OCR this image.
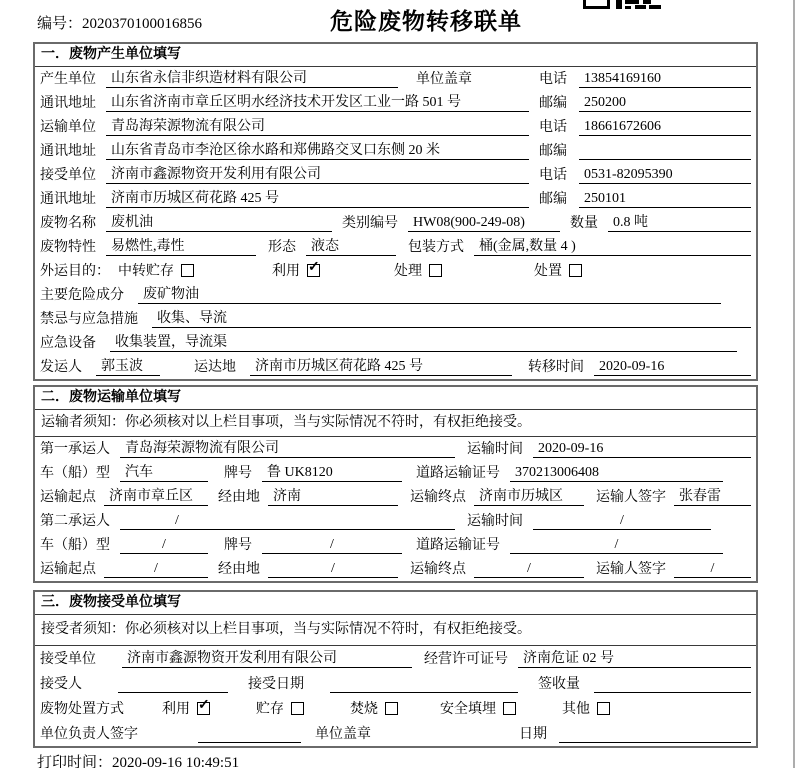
编号：2020370100016856	危险废物转移联单
一．废物产生单位填写
产生单位	山东省永信非织造材料有限公司	单位盖章	电话	13854169160
通讯地址	山东省济南市章丘区明水经济技术开发区工业一路 501 号	邮编	250200
运输单位	青岛海荣源物流有限公司	电话	18661672606
通讯地址	山东省青岛市李沧区徐水路和郑佛路交叉口东侧 20 米	邮编
接受单位	济南市鑫源物资开发利用有限公司	电话	0531-82095390
通讯地址	济南市历城区荷花路 425 号	邮编	250101
废物名称	废机油	类别编号	HW08(900-249-08)	数量	0.8 吨
废物特性	易燃性,毒性	形态	液态	包装方式	桶(金属,数量 4 )
外运目的： 中转贮存	利用 ✓	处理	处置
主要危险成分	废矿物油
禁忌与应急措施	收集、导流
应急设备	收集装置，导流渠
发运人	郭玉波	运达地	济南市历城区荷花路 425 号	转移时间	2020-09-16
二．废物运输单位填写
运输者须知：你必须核对以上栏目事项，当与实际情况不符时，有权拒绝接受。
第一承运人	青岛海荣源物流有限公司	运输时间	2020-09-16
车（船）型	汽车	牌号	鲁 UK8120	道路运输证号	370213006408
运输起点 济南市章丘区	经由地 济南	运输终点 济南市历城区	运输人签字 张春雷
第二承运人	/	运输时间	/
车（船）型	/	牌号	/	道路运输证号	/
运输起点	/	经由地	/	运输终点	/	运输人签字	/
三．废物接受单位填写
接受者须知：你必须核对以上栏目事项，当与实际情况不符时，有权拒绝接受。
接受单位	济南市鑫源物资开发利用有限公司	经营许可证号	济南危证 02 号
接受人	接受日期	签收量
废物处置方式	利用 ✓	贮存	焚烧	安全填埋	其他
单位负责人签字	单位盖章	日期
打印时间：2020-09-16 10:49:51
